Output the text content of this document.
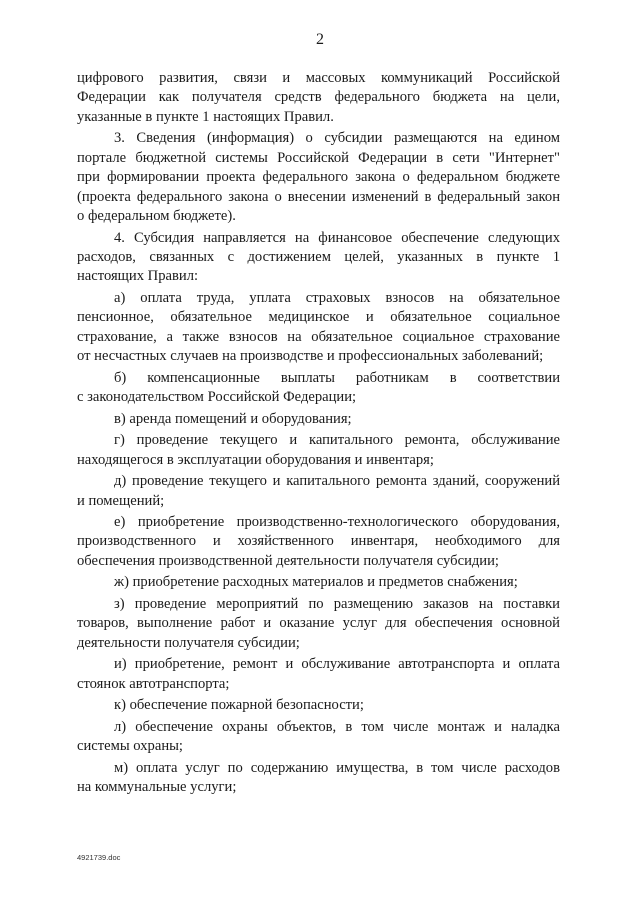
2
цифрового развития, связи и массовых коммуникаций Российской
Федерации как получателя средств федерального бюджета на цели,
указанные в пункте 1 настоящих Правил.
3. Сведения (информация) о субсидии размещаются на едином
портале бюджетной системы Российской Федерации в сети "Интернет"
при формировании проекта федерального закона о федеральном бюджете
(проекта федерального закона о внесении изменений в федеральный закон
о федеральном бюджете).
4. Субсидия направляется на финансовое обеспечение следующих
расходов, связанных с достижением целей, указанных в пункте 1
настоящих Правил:
а) оплата труда, уплата страховых взносов на обязательное
пенсионное, обязательное медицинское и обязательное социальное
страхование, а также взносов на обязательное социальное страхование
от несчастных случаев на производстве и профессиональных заболеваний;
б) компенсационные выплаты работникам в соответствии
с законодательством Российской Федерации;
в) аренда помещений и оборудования;
г) проведение текущего и капитального ремонта, обслуживание
находящегося в эксплуатации оборудования и инвентаря;
д) проведение текущего и капитального ремонта зданий, сооружений
и помещений;
е) приобретение производственно-технологического оборудования,
производственного и хозяйственного инвентаря, необходимого для
обеспечения производственной деятельности получателя субсидии;
ж) приобретение расходных материалов и предметов снабжения;
з) проведение мероприятий по размещению заказов на поставки
товаров, выполнение работ и оказание услуг для обеспечения основной
деятельности получателя субсидии;
и) приобретение, ремонт и обслуживание автотранспорта и оплата
стоянок автотранспорта;
к) обеспечение пожарной безопасности;
л) обеспечение охраны объектов, в том числе монтаж и наладка
системы охраны;
м) оплата услуг по содержанию имущества, в том числе расходов
на коммунальные услуги;
4921739.doc
